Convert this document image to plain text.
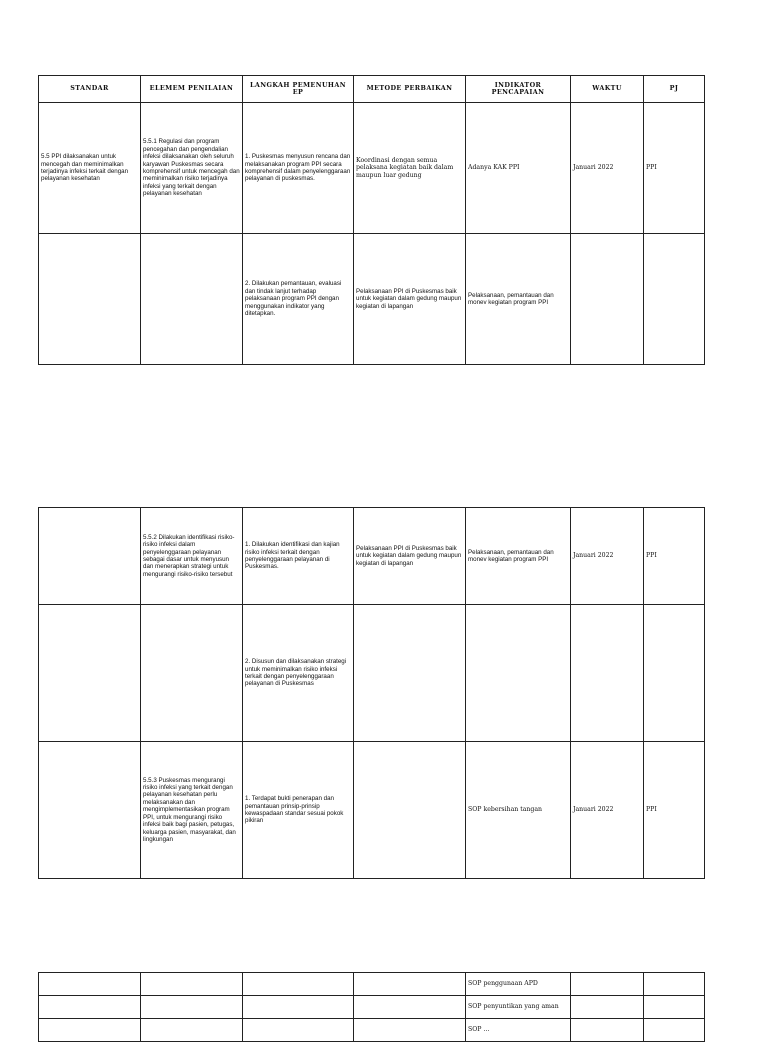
STANDAR	ELEMEM PENILAIAN	LANGKAH PEMENUHAN EP	METODE PERBAIKAN	INDIKATOR PENCAPAIAN	WAKTU	PJ
5.5 PPI dilaksanakan untuk mencegah dan meminimalkan terjadinya infeksi terkait dengan pelayanan kesehatan	5.5.1 Regulasi dan program pencegahan dan pengendalian infeksi dilaksanakan oleh seluruh karyawan Puskesmas secara komprehensif untuk mencegah dan meminimalkan risiko terjadinya infeksi yang terkait dengan pelayanan kesehatan	1. Puskesmas menyusun rencana dan melaksanakan program PPI secara komprehensif dalam penyelenggaraan pelayanan di puskesmas.	Koordinasi dengan semua pelaksana kegiatan baik dalam maupun luar gedung	Adanya KAK PPI	Januari 2022	PPI
		2. Dilakukan pemantauan, evaluasi dan tindak lanjut terhadap pelaksanaan program PPI dengan menggunakan indikator yang ditetapkan.	Pelaksanaan PPI di Puskesmas baik untuk kegiatan dalam gedung maupun kegiatan di lapangan	Pelaksanaan, pemantauan dan monev kegiatan program PPI		
	5.5.2 Dilakukan identifikasi risiko-risiko infeksi dalam penyelenggaraan pelayanan sebagai dasar untuk menyusun dan menerapkan strategi untuk mengurangi risiko-risiko tersebut	1. Dilakukan identifikasi dan kajian risiko infeksi terkait dengan penyelenggaraan pelayanan di Puskesmas.	Pelaksanaan PPI di Puskesmas baik untuk kegiatan dalam gedung maupun kegiatan di lapangan	Pelaksanaan, pemantauan dan monev kegiatan program PPI	Januari 2022	PPI
		2. Disusun dan dilaksanakan strategi untuk meminimalkan risiko infeksi terkait dengan penyelenggaraan pelayanan di Puskesmas				
	5.5.3 Puskesmas mengurangi risiko infeksi yang terkait dengan pelayanan kesehatan perlu melaksanakan dan mengimplementasikan program PPI, untuk mengurangi risiko infeksi baik bagi pasien, petugas, keluarga pasien, masyarakat, dan lingkungan	1. Terdapat bukti penerapan dan pemantauan prinsip-prinsip kewaspadaan standar sesuai pokok pikiran		SOP kebersihan tangan	Januari 2022	PPI
				SOP penggunaan APD		
				SOP penyuntikan yang aman		
				SOP ...		
